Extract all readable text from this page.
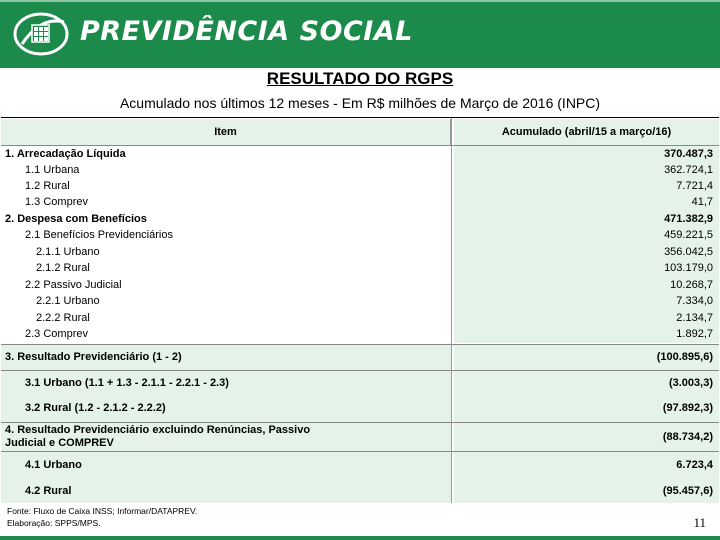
PREVIDÊNCIA SOCIAL
RESULTADO DO RGPS
Acumulado nos últimos 12 meses - Em R$ milhões de Março de 2016 (INPC)
Item	Acumulado (abril/15 a março/16)
1. Arrecadação Líquida	370.487,3
1.1 Urbana	362.724,1
1.2 Rural	7.721,4
1.3 Comprev	41,7
2. Despesa com Benefícios	471.382,9
2.1 Benefícios Previdenciários	459.221,5
2.1.1 Urbano	356.042,5
2.1.2 Rural	103.179,0
2.2 Passivo Judicial	10.268,7
2.2.1 Urbano	7.334,0
2.2.2 Rural	2.134,7
2.3 Comprev	1.892,7
3. Resultado Previdenciário (1 - 2)	(100.895,6)
3.1 Urbano (1.1 + 1.3 - 2.1.1 - 2.2.1 - 2.3)	(3.003,3)
3.2 Rural (1.2 - 2.1.2 - 2.2.2)	(97.892,3)
4. Resultado Previdenciário excluindo Renúncias, Passivo
Judicial e COMPREV	(88.734,2)
4.1 Urbano	6.723,4
4.2 Rural	(95.457,6)
Fonte: Fluxo de Caixa INSS; Informar/DATAPREV.
Elaboração: SPPS/MPS.	11
